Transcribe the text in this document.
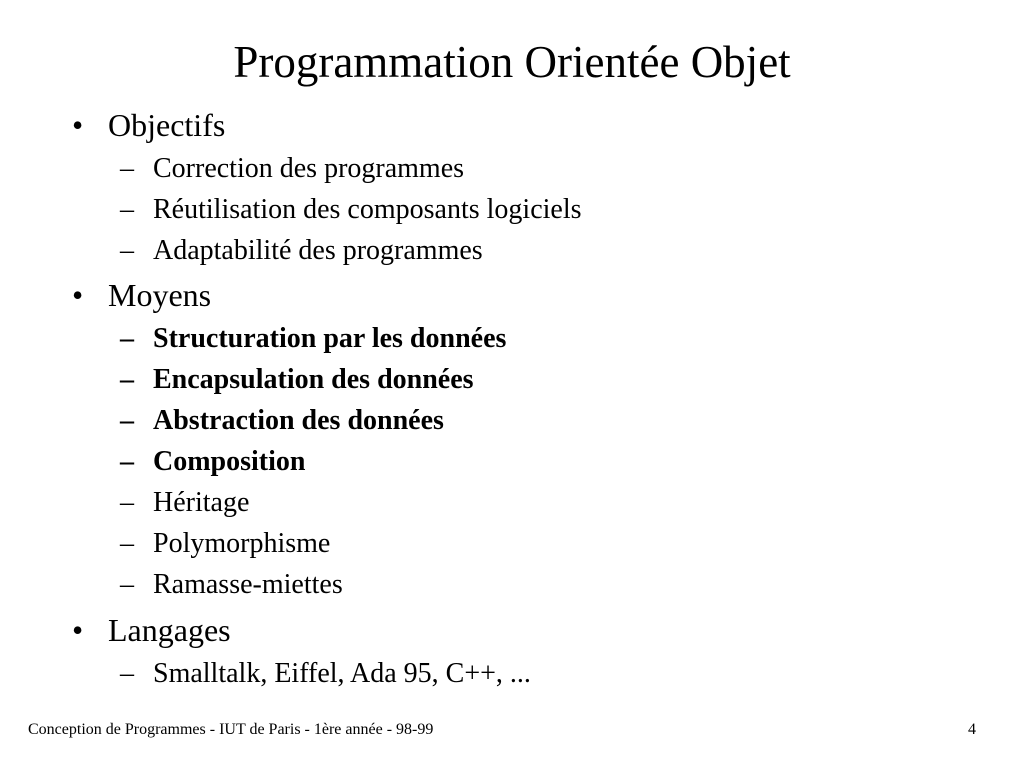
Programmation Orientée Objet
• Objectifs
– Correction des programmes
– Réutilisation des composants logiciels
– Adaptabilité des programmes
• Moyens
– Structuration par les données
– Encapsulation des données
– Abstraction des données
– Composition
– Héritage
– Polymorphisme
– Ramasse-miettes
• Langages
– Smalltalk, Eiffel, Ada 95, C++, ...
Conception de Programmes - IUT de Paris - 1ère année - 98-99	4
